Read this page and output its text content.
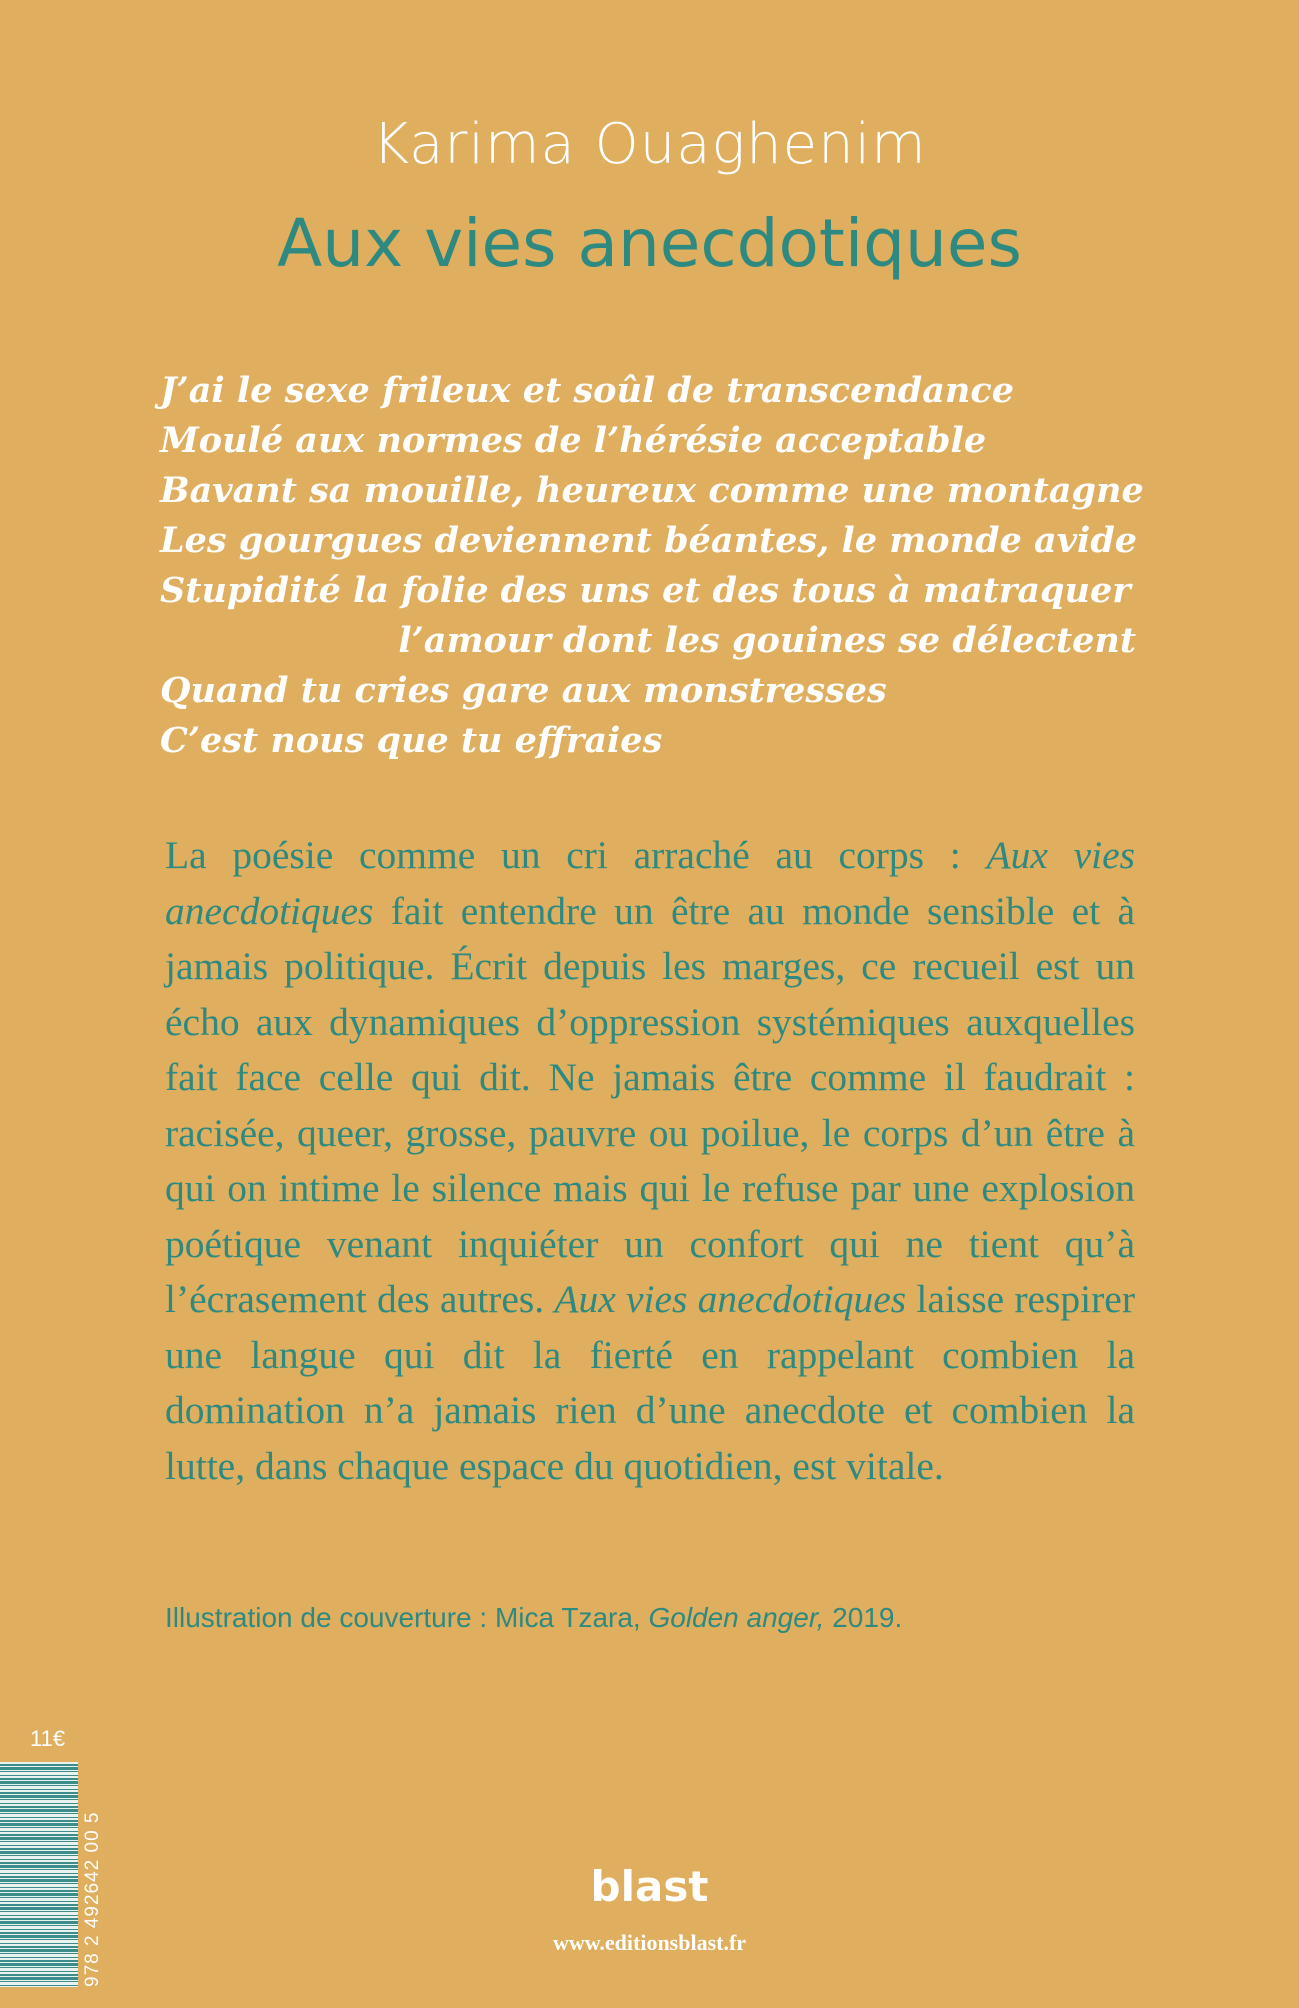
Karima Ouaghenim
Aux vies anecdotiques
J’ai le sexe frileux et soûl de transcendance
Moulé aux normes de l’hérésie acceptable
Bavant sa mouille, heureux comme une montagne
Les gourgues deviennent béantes, le monde avide
Stupidité la folie des uns et des tous à matraquer
l’amour dont les gouines se délectent
Quand tu cries gare aux monstresses
C’est nous que tu effraies

La poésie comme un cri arraché au corps : Aux vies anecdotiques fait entendre un être au monde sensible et à jamais politique. Écrit depuis les marges, ce recueil est un écho aux dynamiques d’oppression systémiques auxquelles fait face celle qui dit. Ne jamais être comme il faudrait : racisée, queer, grosse, pauvre ou poilue, le corps d’un être à qui on intime le silence mais qui le refuse par une explosion poétique venant inquiéter un confort qui ne tient qu’à l’écrasement des autres. Aux vies anecdotiques laisse respirer une langue qui dit la fierté en rappelant combien la domination n’a jamais rien d’une anecdote et combien la lutte, dans chaque espace du quotidien, est vitale.

Illustration de couverture : Mica Tzara, Golden anger, 2019.

11€
978 2 492642 00 5	blast
www.editionsblast.fr
